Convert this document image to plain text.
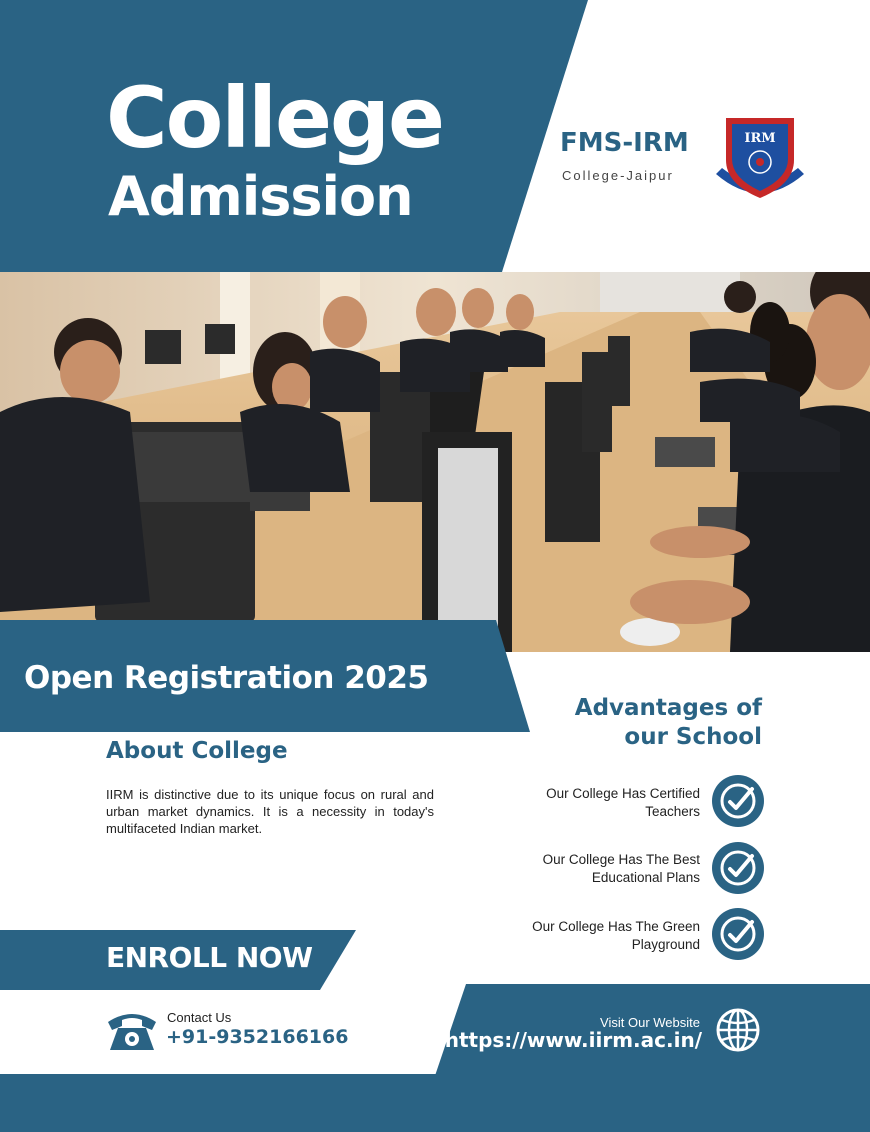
College
Admission
FMS-IRM
College-Jaipur
IRM
Open Registration 2025
Advantages of
our School
About College
IIRM is distinctive due to its unique focus on rural and urban market dynamics. It is a necessity in today's multifaceted Indian market.
Our College Has Certified
Teachers
Our College Has The Best
Educational Plans
Our College Has The Green
Playground
ENROLL NOW
Contact Us
+91-9352166166
Visit Our Website
https://www.iirm.ac.in/
